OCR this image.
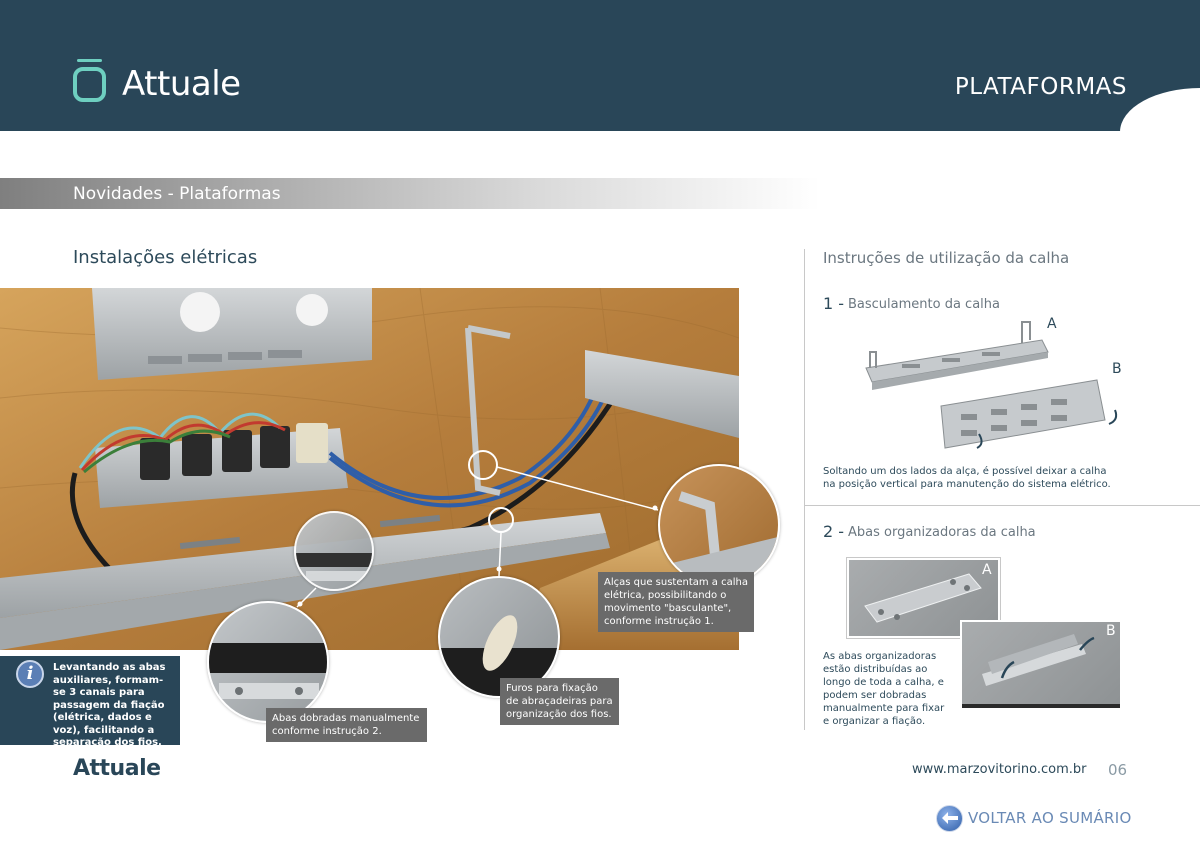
Attuale	PLATAFORMAS
Novidades - Plataformas
Instalações elétricas	Instruções de utilização da calha
Alças que sustentam a calha elétrica, possibilitando o movimento "basculante", conforme instrução 1.
Furos para fixação de abraçadeiras para organização dos fios.
Abas dobradas manualmente conforme instrução 2.
Levantando as abas auxiliares, formam-se 3 canais para passagem da fiação (elétrica, dados e voz), facilitando a separação dos fios.
i
1 - Basculamento da calha
A
B
Soltando um dos lados da alça, é possível deixar a calha na posição vertical para manutenção do sistema elétrico.
2 - Abas organizadoras da calha
A
B
As abas organizadoras estão distribuídas ao longo de toda a calha, e podem ser dobradas manualmente para fixar e organizar a fiação.
Attuale	www.marzovitorino.com.br 06
VOLTAR AO SUMÁRIO
